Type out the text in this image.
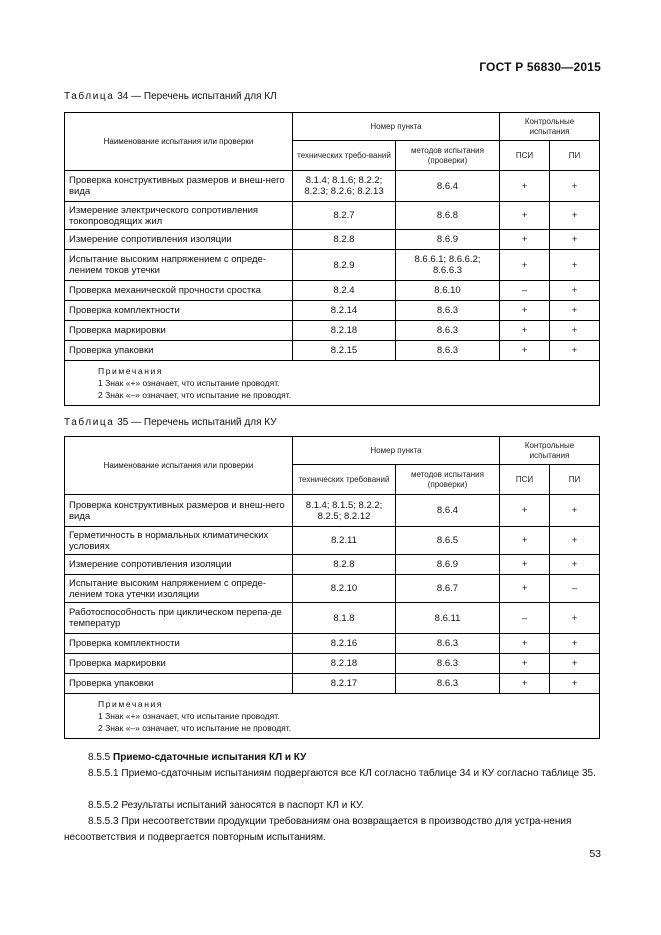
ГОСТ Р 56830—2015
Таблица 34 — Перечень испытаний для КЛ
Наименование испытания или проверки	Номер пункта		Контрольные испытания	
	технических требо-ваний	методов испытания (проверки)	ПСИ	ПИ
Проверка конструктивных размеров и внеш-него вида	8.1.4; 8.1.6; 8.2.2; 8.2.3; 8.2.6; 8.2.13	8.6.4	+	+
Измерение электрического сопротивления токопроводящих жил	8.2.7	8.6.8	+	+
Измерение сопротивления изоляции	8.2.8	8.6.9	+	+
Испытание высоким напряжением с опреде-лением токов утечки	8.2.9	8.6.6.1; 8.6.6.2; 8.6.6.3	+	+
Проверка механической прочности сростка	8.2.4	8.6.10	–	+
Проверка комплектности	8.2.14	8.6.3	+	+
Проверка маркировки	8.2.18	8.6.3	+	+
Проверка упаковки	8.2.15	8.6.3	+	+

Примечания
1 Знак «+» означает, что испытание проводят.
2 Знак «–» означает, что испытание не проводят.				
Таблица 35 — Перечень испытаний для КУ
Наименование испытания или проверки	Номер пункта		Контрольные испытания	
	технических требований	методов испытания (проверки)	ПСИ	ПИ
Проверка конструктивных размеров и внеш-него вида	8.1.4; 8.1.5; 8.2.2; 8.2.5; 8.2.12	8.6.4	+	+
Герметичность в нормальных климатических условиях	8.2.11	8.6.5	+	+
Измерение сопротивления изоляции	8.2.8	8.6.9	+	+
Испытание высоким напряжением с опреде-лением тока утечки изоляции	8.2.10	8.6.7	+	–
Работоспособность при циклическом перепа-де температур	8.1.8	8.6.11	–	+
Проверка комплектности	8.2.16	8.6.3	+	+
Проверка маркировки	8.2.18	8.6.3	+	+
Проверка упаковки	8.2.17	8.6.3	+	+

Примечания
1 Знак «+» означает, что испытание проводят.
2 Знак «–» означает, что испытание не проводят.				
8.5.5 Приемо-сдаточные испытания КЛ и КУ
8.5.5.1 Приемо-сдаточным испытаниям подвергаются все КЛ согласно таблице 34 и КУ согласно таблице 35.
8.5.5.2 Результаты испытаний заносятся в паспорт КЛ и КУ.
8.5.5.3 При несоответствии продукции требованиям она возвращается в производство для устра-нения несоответствия и подвергается повторным испытаниям.
53
